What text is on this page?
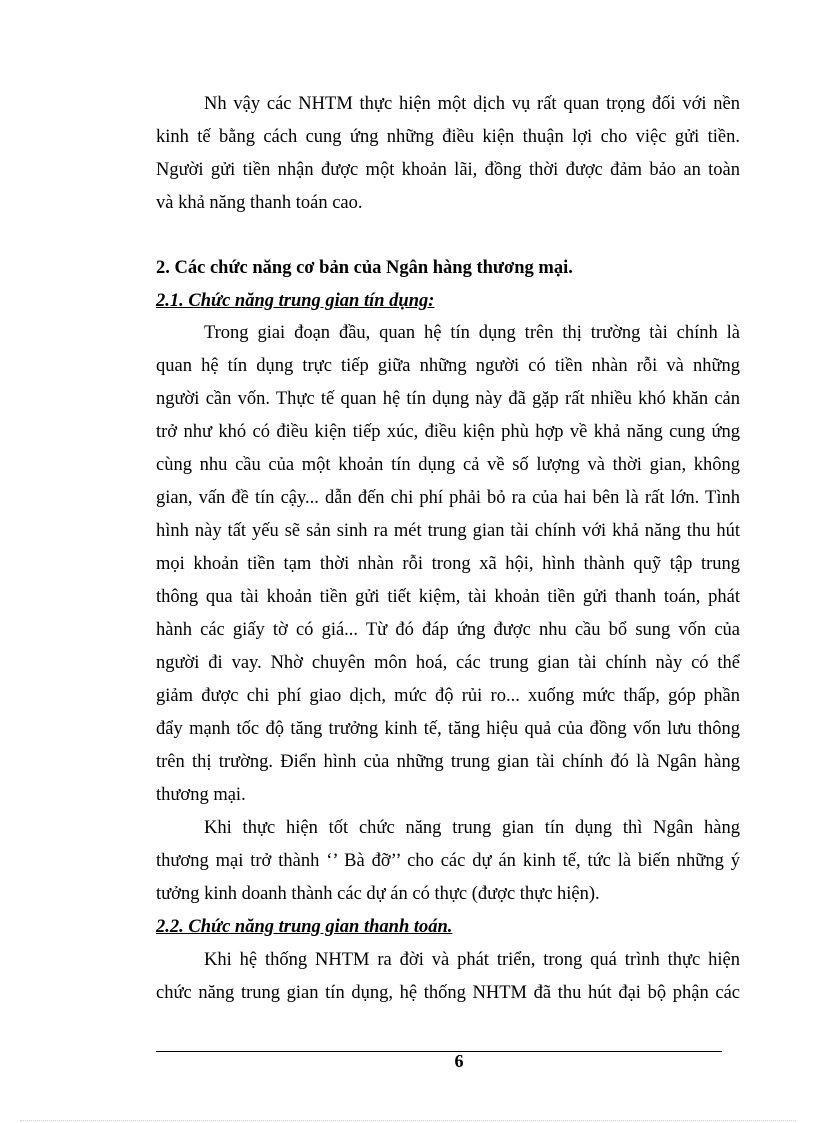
Nh vậy các NHTM thực hiện một dịch vụ rất quan trọng đối với nền
kinh tế bằng cách cung ứng những điều kiện thuận lợi cho việc gửi tiền.
Người gửi tiền nhận được một khoản lãi, đồng thời được đảm bảo an toàn
và khả năng thanh toán cao.
2. Các chức năng cơ bản của Ngân hàng thương mại.
2.1. Chức năng trung gian tín dụng:
Trong giai đoạn đầu, quan hệ tín dụng trên thị trường tài chính là
quan hệ tín dụng trực tiếp giữa những người có tiền nhàn rỗi và những
người cần vốn. Thực tế quan hệ tín dụng này đã gặp rất nhiều khó khăn cản
trở như khó có điều kiện tiếp xúc, điều kiện phù hợp về khả năng cung ứng
cùng nhu cầu của một khoản tín dụng cả về số lượng và thời gian, không
gian, vấn đề tín cậy... dẫn đến chi phí phải bỏ ra của hai bên là rất lớn. Tình
hình này tất yếu sẽ sản sinh ra mét trung gian tài chính với khả năng thu hút
mọi khoản tiền tạm thời nhàn rỗi trong xã hội, hình thành quỹ tập trung
thông qua tài khoản tiền gửi tiết kiệm, tài khoản tiền gửi thanh toán, phát
hành các giấy tờ có giá... Từ đó đáp ứng được nhu cầu bổ sung vốn của
người đi vay. Nhờ chuyên môn hoá, các trung gian tài chính này có thể
giảm được chi phí giao dịch, mức độ rủi ro... xuống mức thấp, góp phần
đẩy mạnh tốc độ tăng trưởng kinh tế, tăng hiệu quả của đồng vốn lưu thông
trên thị trường. Điển hình của những trung gian tài chính đó là Ngân hàng
thương mại.
Khi thực hiện tốt chức năng trung gian tín dụng thì Ngân hàng
thương mại trở thành ‘’ Bà đỡ’’ cho các dự án kinh tế, tức là biến những ý
tưởng kinh doanh thành các dự án có thực (được thực hiện).
2.2. Chức năng trung gian thanh toán.
Khi hệ thống NHTM ra đời và phát triển, trong quá trình thực hiện
chức năng trung gian tín dụng, hệ thống NHTM đã thu hút đại bộ phận các
6
